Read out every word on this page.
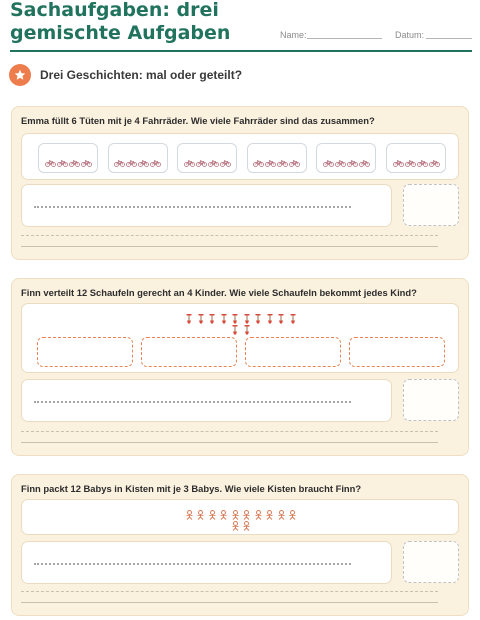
Sachaufgaben: drei
gemischte Aufgaben	Name:	Datum:
Drei Geschichten: mal oder geteilt?
Emma füllt 6 Tüten mit je 4 Fahrräder. Wie viele Fahrräder sind das zusammen?
Finn verteilt 12 Schaufeln gerecht an 4 Kinder. Wie viele Schaufeln bekommt jedes Kind?
Finn packt 12 Babys in Kisten mit je 3 Babys. Wie viele Kisten braucht Finn?
